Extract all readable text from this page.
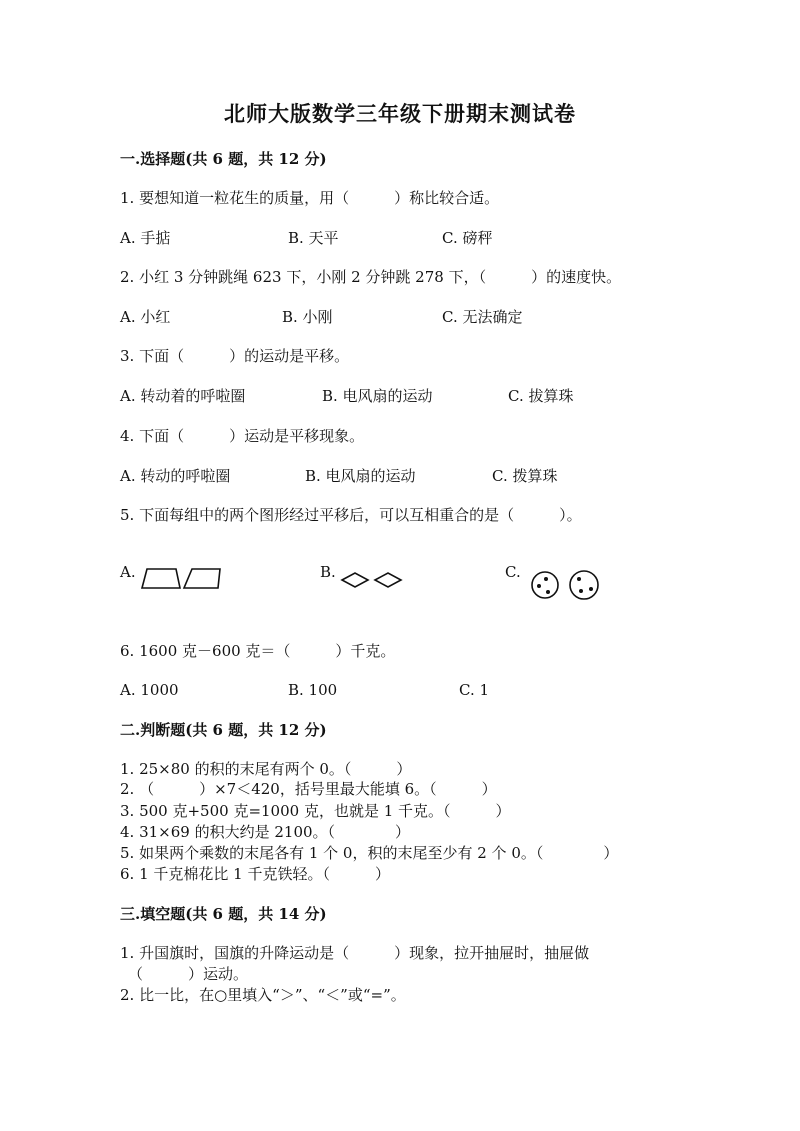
北师大版数学三年级下册期末测试卷
一.选择题(共 6 题，共 12 分)
1. 要想知道一粒花生的质量，用（　　　）称比较合适。
A. 手掂	B. 天平	C. 磅秤
2. 小红 3 分钟跳绳 623 下，小刚 2 分钟跳 278 下，（　　　）的速度快。
A. 小红	B. 小刚	C. 无法确定
3. 下面（　　　）的运动是平移。
A. 转动着的呼啦圈	B. 电风扇的运动	C. 拔算珠
4. 下面（　　　）运动是平移现象。
A. 转动的呼啦圈	B. 电风扇的运动	C. 拨算珠
5. 下面每组中的两个图形经过平移后，可以互相重合的是（　　　）。
A.	B.	C.
6. 1600 克－600 克＝（　　　）千克。
A. 1000	B. 100	C. 1
二.判断题(共 6 题，共 12 分)
1. 25×80 的积的末尾有两个 0。（　　　）
2. （　　　）×7＜420，括号里最大能填 6。（　　　）
3. 500 克+500 克=1000 克，也就是 1 千克。（　　　）
4. 31×69 的积大约是 2100。（　　　　）
5. 如果两个乘数的末尾各有 1 个 0，积的末尾至少有 2 个 0。（　　　　）
6. 1 千克棉花比 1 千克铁轻。（　　　）
三.填空题(共 6 题，共 14 分)
1. 升国旗时，国旗的升降运动是（　　　）现象，拉开抽屉时，抽屉做
（　　　）运动。
2. 比一比，在○里填入“＞”、“＜”或“=”。
